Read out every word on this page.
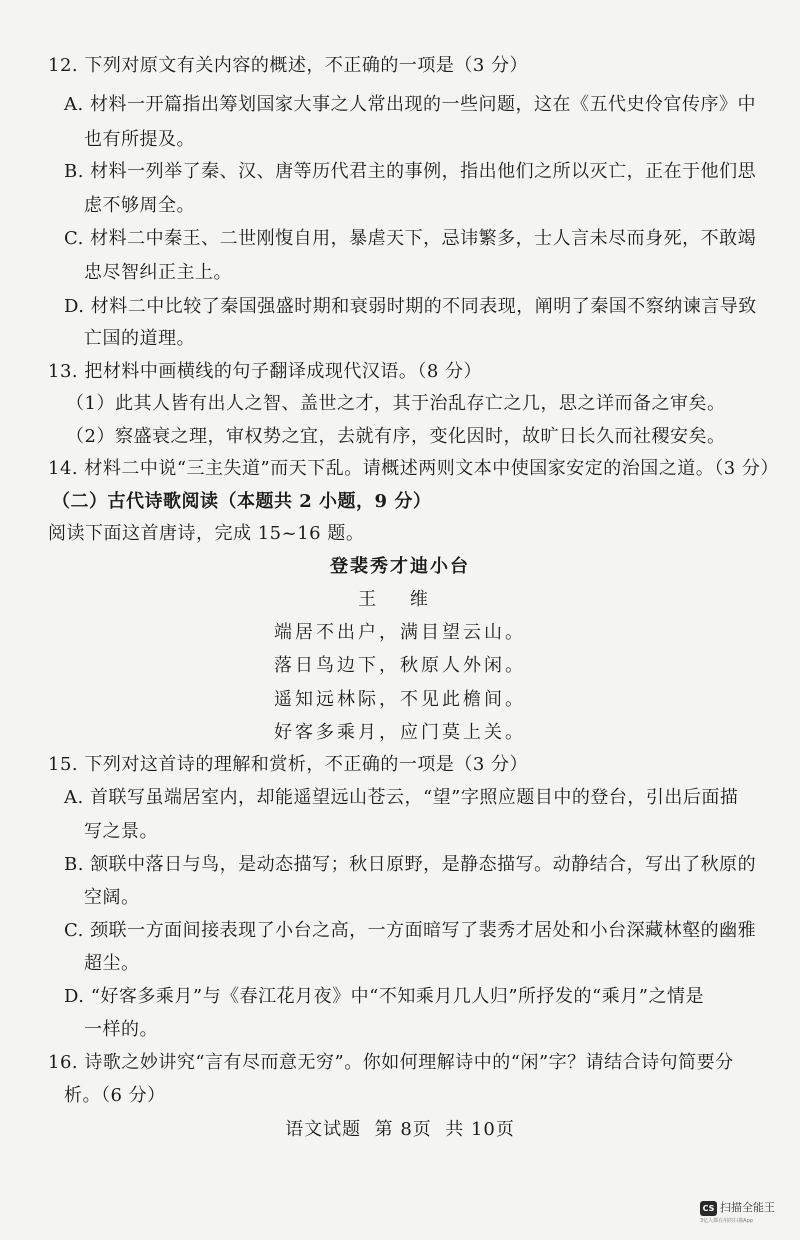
12. 下列对原文有关内容的概述，不正确的一项是（3 分）
A. 材料一开篇指出筹划国家大事之人常出现的一些问题，这在《五代史伶官传序》中
也有所提及。
B. 材料一列举了秦、汉、唐等历代君主的事例，指出他们之所以灭亡，正在于他们思
虑不够周全。
C. 材料二中秦王、二世刚愎自用，暴虐天下，忌讳繁多，士人言未尽而身死，不敢竭
忠尽智纠正主上。
D. 材料二中比较了秦国强盛时期和衰弱时期的不同表现，阐明了秦国不察纳谏言导致
亡国的道理。
13. 把材料中画横线的句子翻译成现代汉语。（8 分）
（1）此其人皆有出人之智、盖世之才，其于治乱存亡之几，思之详而备之审矣。
（2）察盛衰之理，审权势之宜，去就有序，变化因时，故旷日长久而社稷安矣。
14. 材料二中说“三主失道”而天下乱。请概述两则文本中使国家安定的治国之道。（3 分）
（二）古代诗歌阅读（本题共 2 小题，9 分）
阅读下面这首唐诗，完成 15~16 题。
登裴秀才迪小台
王 维
端居不出户，满目望云山。
落日鸟边下，秋原人外闲。
遥知远林际，不见此檐间。
好客多乘月，应门莫上关。
15. 下列对这首诗的理解和赏析，不正确的一项是（3 分）
A. 首联写虽端居室内，却能遥望远山苍云，“望”字照应题目中的登台，引出后面描
写之景。
B. 颔联中落日与鸟，是动态描写；秋日原野，是静态描写。动静结合，写出了秋原的
空阔。
C. 颈联一方面间接表现了小台之高，一方面暗写了裴秀才居处和小台深藏林壑的幽雅
超尘。
D. “好客多乘月”与《春江花月夜》中“不知乘月几人归”所抒发的“乘月”之情是
一样的。
16. 诗歌之妙讲究“言有尽而意无穷”。你如何理解诗中的“闲”字？请结合诗句简要分
析。（6 分）
语文试题  第 8页  共 10页
CS 扫描全能王
3亿人都在用的扫描App
